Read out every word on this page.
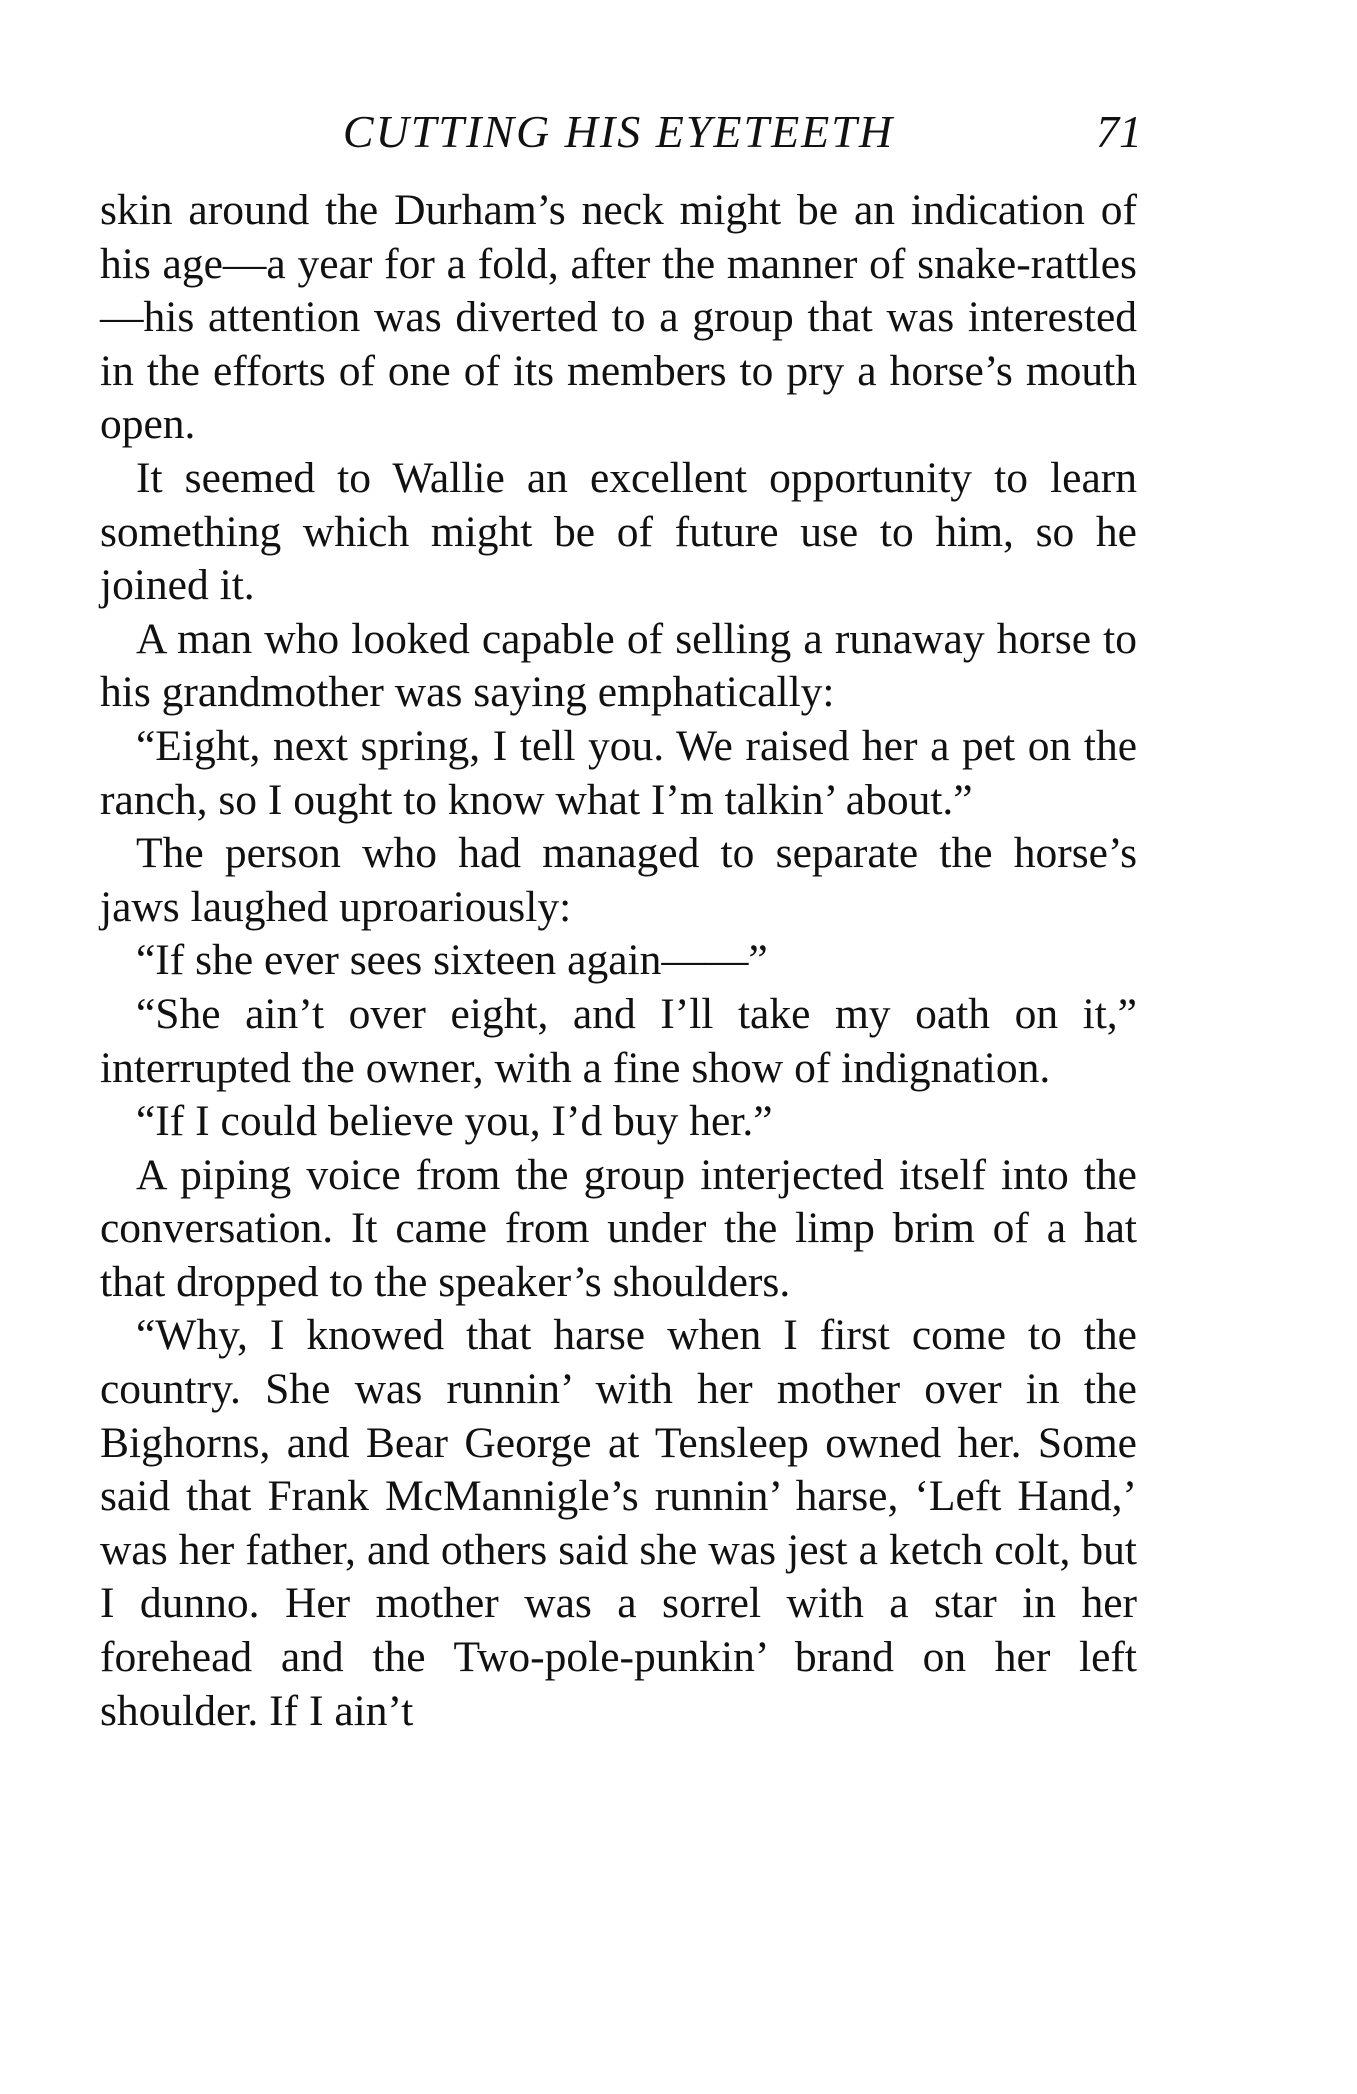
CUTTING HIS EYETEETH	71

skin around the Durham’s neck might be an indication of his age—a year for a fold, after the manner of snake-rattles—his attention was diverted to a group that was interested in the efforts of one of its members to pry a horse’s mouth open.

It seemed to Wallie an excellent opportunity to learn something which might be of future use to him, so he joined it.

A man who looked capable of selling a runaway horse to his grandmother was saying emphatically:

“Eight, next spring, I tell you. We raised her a pet on the ranch, so I ought to know what I’m talkin’ about.”

The person who had managed to separate the horse’s jaws laughed uproariously:

“If she ever sees sixteen again——”

“She ain’t over eight, and I’ll take my oath on it,” interrupted the owner, with a fine show of indignation.

“If I could believe you, I’d buy her.”

A piping voice from the group interjected itself into the conversation. It came from under the limp brim of a hat that dropped to the speaker’s shoulders.

“Why, I knowed that harse when I first come to the country. She was runnin’ with her mother over in the Bighorns, and Bear George at Tensleep owned her. Some said that Frank McMannigle’s runnin’ harse, ‘Left Hand,’ was her father, and others said she was jest a ketch colt, but I dunno. Her mother was a sorrel with a star in her forehead and the Two-pole-punkin’ brand on her left shoulder. If I ain’t
